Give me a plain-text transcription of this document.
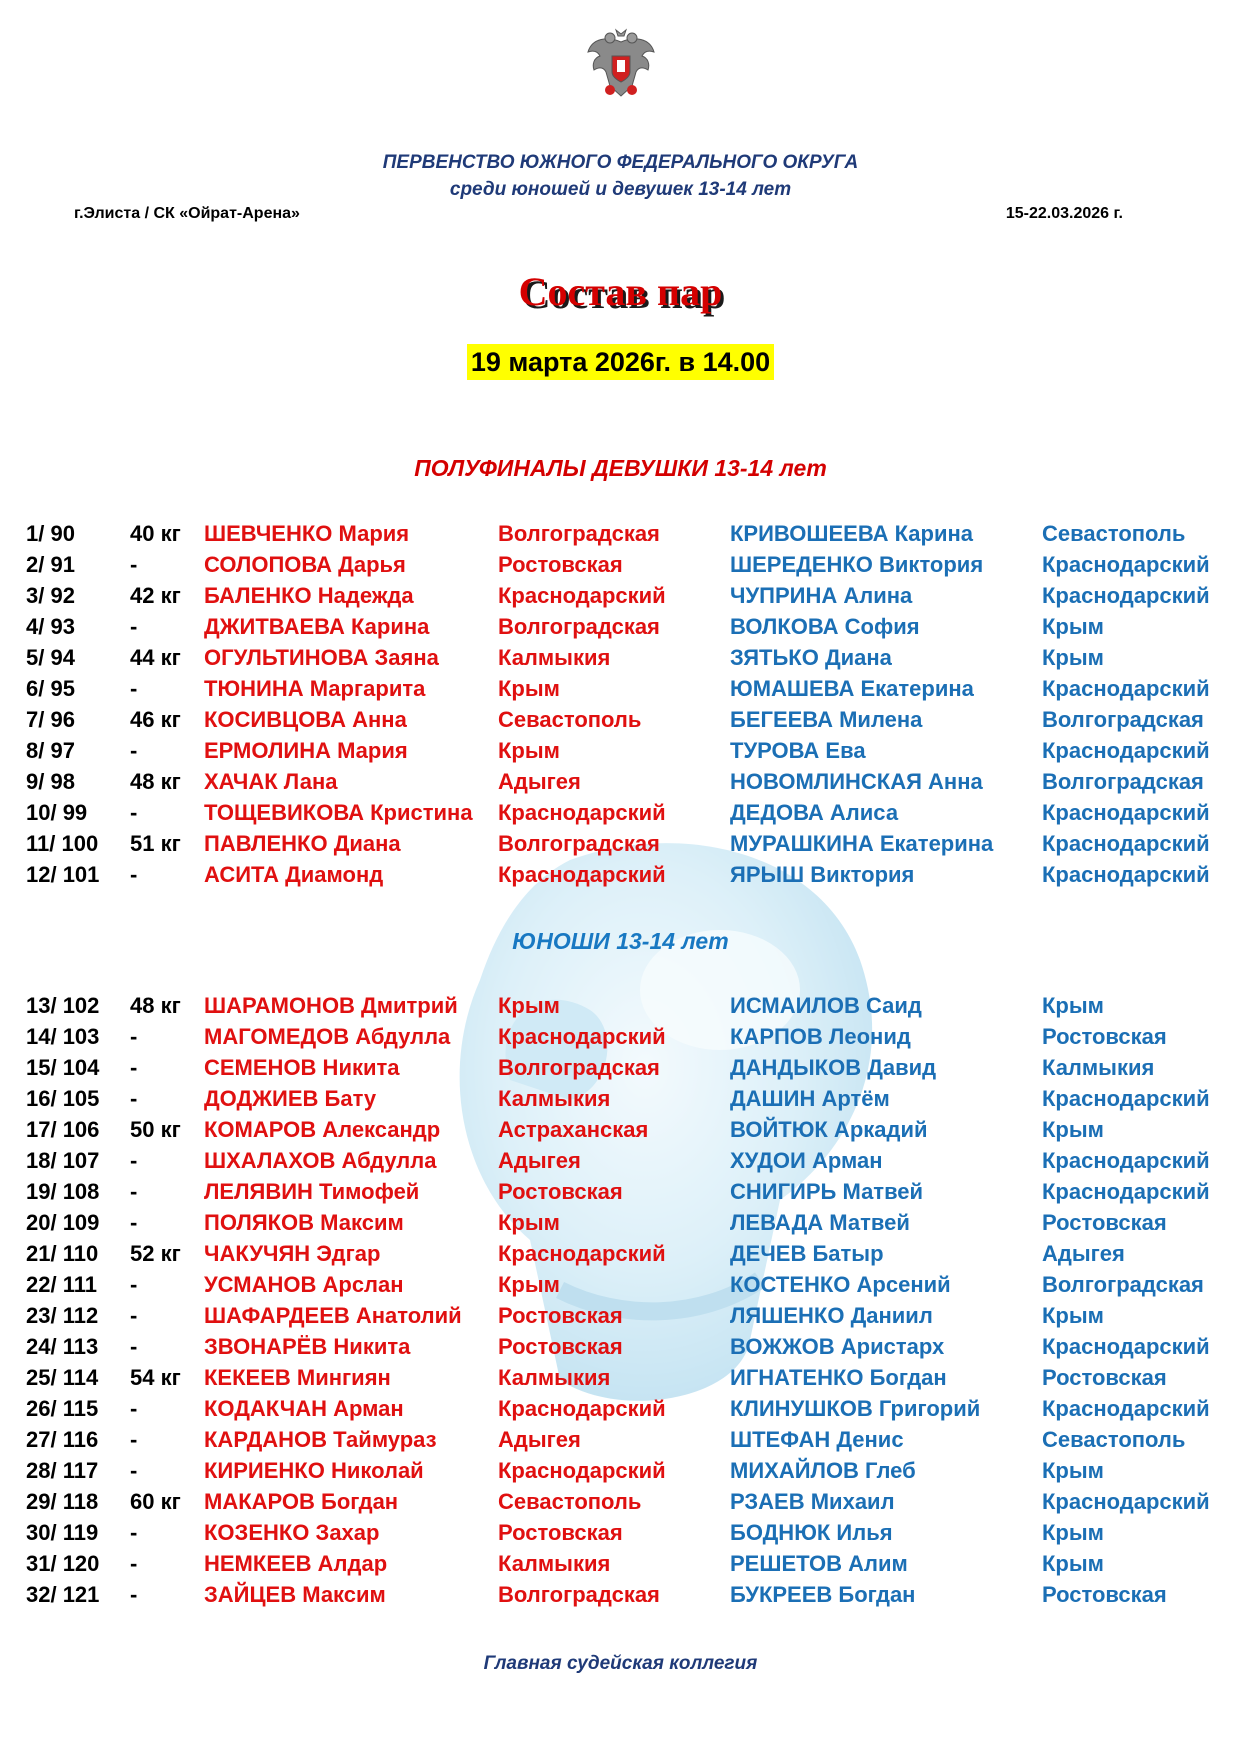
ПЕРВЕНСТВО ЮЖНОГО ФЕДЕРАЛЬНОГО ОКРУГА
среди юношей и девушек 13-14 лет
г.Элиста / СК «Ойрат-Арена»	15-22.03.2026 г.
Состав пар
19 марта 2026г. в 14.00
ПОЛУФИНАЛЫ ДЕВУШКИ 13-14 лет
1/ 90	40 кг ШЕВЧЕНКО Мария	Волгоградская	КРИВОШЕЕВА Карина	Севастополь
2/ 91	-	СОЛОПОВА Дарья	Ростовская	ШЕРЕДЕНКО Виктория	Краснодарский
3/ 92	42 кг БАЛЕНКО Надежда	Краснодарский	ЧУПРИНА Алина	Краснодарский
4/ 93	-	ДЖИТВАЕВА Карина	Волгоградская	ВОЛКОВА София	Крым
5/ 94	44 кг ОГУЛЬТИНОВА Заяна	Калмыкия	ЗЯТЬКО Диана	Крым
6/ 95	-	ТЮНИНА Маргарита	Крым	ЮМАШЕВА Екатерина	Краснодарский
7/ 96	46 кг КОСИВЦОВА Анна	Севастополь	БЕГЕЕВА Милена	Волгоградская
8/ 97	-	ЕРМОЛИНА Мария	Крым	ТУРОВА Ева	Краснодарский
9/ 98	48 кг ХАЧАК Лана	Адыгея	НОВОМЛИНСКАЯ Анна	Волгоградская
10/ 99 -	ТОЩЕВИКОВА Кристина Краснодарский	ДЕДОВА Алиса	Краснодарский
11/ 100 51 кг ПАВЛЕНКО Диана	Волгоградская	МУРАШКИНА Екатерина Краснодарский
12/ 101 -	АСИТА Диамонд	Краснодарский	ЯРЫШ Виктория	Краснодарский
ЮНОШИ 13-14 лет
13/ 102 48 кг ШАРАМОНОВ Дмитрий Крым	ИСМАИЛОВ Саид	Крым
14/ 103 -	МАГОМЕДОВ Абдулла Краснодарский	КАРПОВ Леонид	Ростовская
15/ 104 -	СЕМЕНОВ Никита	Волгоградская	ДАНДЫКОВ Давид	Калмыкия
16/ 105 -	ДОДЖИЕВ Бату	Калмыкия	ДАШИН Артём	Краснодарский
17/ 106 50 кг КОМАРОВ Александр	Астраханская	ВОЙТЮК Аркадий	Крым
18/ 107 -	ШХАЛАХОВ Абдулла	Адыгея	ХУДОИ Арман	Краснодарский
19/ 108 -	ЛЕЛЯВИН Тимофей	Ростовская	СНИГИРЬ Матвей	Краснодарский
20/ 109 -	ПОЛЯКОВ Максим	Крым	ЛЕВАДА Матвей	Ростовская
21/ 110 52 кг ЧАКУЧЯН Эдгар	Краснодарский	ДЕЧЕВ Батыр	Адыгея
22/ 111 -	УСМАНОВ Арслан	Крым	КОСТЕНКО Арсений	Волгоградская
23/ 112 -	ШАФАРДЕЕВ Анатолий Ростовская	ЛЯШЕНКО Даниил	Крым
24/ 113 -	ЗВОНАРЁВ Никита	Ростовская	ВОЖЖОВ Аристарх	Краснодарский
25/ 114 54 кг КЕКЕЕВ Мингиян	Калмыкия	ИГНАТЕНКО Богдан	Ростовская
26/ 115 -	КОДАКЧАН Арман	Краснодарский	КЛИНУШКОВ Григорий	Краснодарский
27/ 116 -	КАРДАНОВ Таймураз	Адыгея	ШТЕФАН Денис	Севастополь
28/ 117 -	КИРИЕНКО Николай	Краснодарский	МИХАЙЛОВ Глеб	Крым
29/ 118 60 кг МАКАРОВ Богдан	Севастополь	РЗАЕВ Михаил	Краснодарский
30/ 119 -	КОЗЕНКО Захар	Ростовская	БОДНЮК Илья	Крым
31/ 120 -	НЕМКЕЕВ Алдар	Калмыкия	РЕШЕТОВ Алим	Крым
32/ 121 -	ЗАЙЦЕВ Максим	Волгоградская	БУКРЕЕВ Богдан	Ростовская
Главная судейская коллегия
